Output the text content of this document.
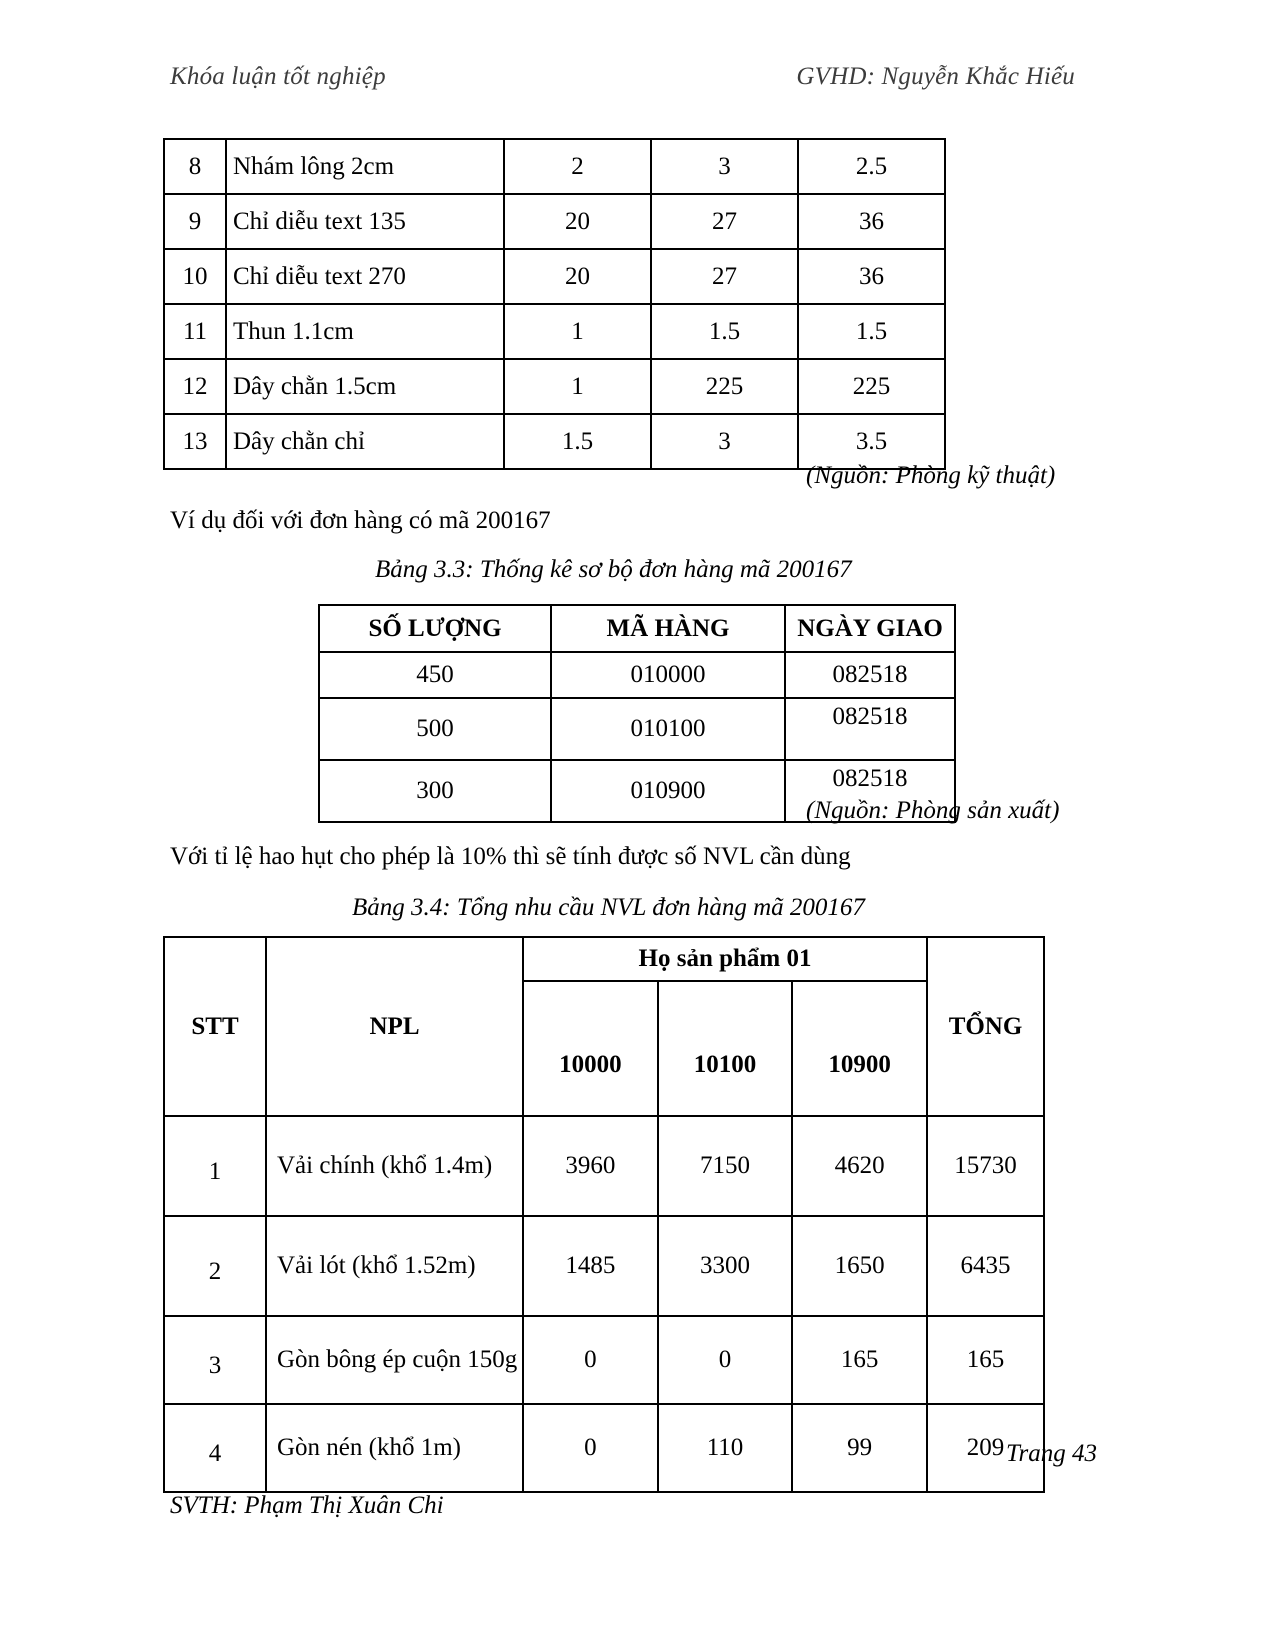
Khóa luận tốt nghiệp	GVHD: Nguyễn Khắc Hiếu
8	Nhám lông 2cm	2	3	2.5
9	Chỉ diễu text 135	20	27	36
10	Chỉ diễu text 270	20	27	36
11	Thun 1.1cm	1	1.5	1.5
12	Dây chằn 1.5cm	1	225	225
13	Dây chằn chỉ	1.5	3	3.5
(Nguồn: Phòng kỹ thuật)
Ví dụ đối với đơn hàng có mã 200167
Bảng 3.3: Thống kê sơ bộ đơn hàng mã 200167
SỐ LƯỢNG	MÃ HÀNG	NGÀY GIAO
450	010000	082518
500	010100	082518
300	010900	082518
(Nguồn: Phòng sản xuất)
Với tỉ lệ hao hụt cho phép là 10% thì sẽ tính được số NVL cần dùng
Bảng 3.4: Tổng nhu cầu NVL đơn hàng mã 200167
STT	NPL	Họ sản phẩm 01			TỔNG
		10000	10100	10900	
1	Vải chính (khổ 1.4m)	3960	7150	4620	15730
2	Vải lót (khổ 1.52m)	1485	3300	1650	6435
3	Gòn bông ép cuộn 150g	0	0	165	165
4	Gòn nén (khổ 1m)	0	110	99	209 Trang 43
SVTH: Phạm Thị Xuân Chi
